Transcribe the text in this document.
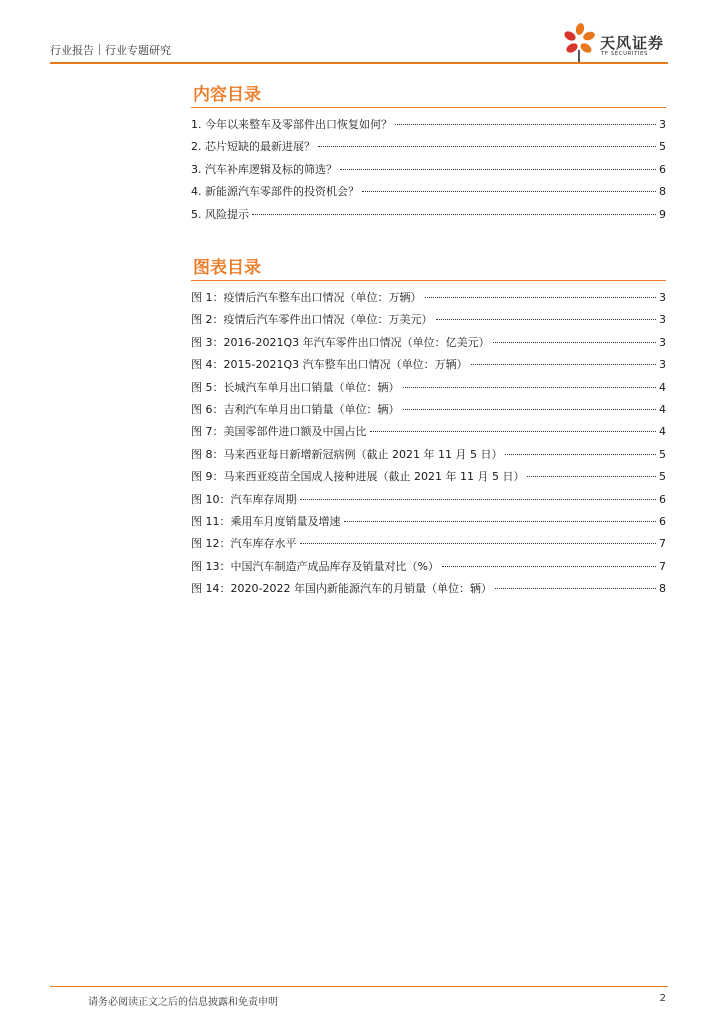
行业报告 行业专题研究	天风证券
TF SECURITIES
内容目录
1. 今年以来整车及零部件出口恢复如何？	3
2. 芯片短缺的最新进展？	5
3. 汽车补库逻辑及标的筛选？	6
4. 新能源汽车零部件的投资机会？	8
5. 风险提示	9
图表目录
图 1：疫情后汽车整车出口情况（单位：万辆）	3
图 2：疫情后汽车零件出口情况（单位：万美元）	3
图 3：2016-2021Q3 年汽车零件出口情况（单位：亿美元）	3
图 4：2015-2021Q3 汽车整车出口情况（单位：万辆）	3
图 5：长城汽车单月出口销量（单位：辆）	4
图 6：吉利汽车单月出口销量（单位：辆）	4
图 7：美国零部件进口额及中国占比	4
图 8：马来西亚每日新增新冠病例（截止 2021 年 11 月 5 日）	5
图 9：马来西亚疫苗全国成人接种进展（截止 2021 年 11 月 5 日）	5
图 10：汽车库存周期	6
图 11：乘用车月度销量及增速	6
图 12：汽车库存水平	7
图 13：中国汽车制造产成品库存及销量对比（%）	7
图 14：2020-2022 年国内新能源汽车的月销量（单位：辆）	8
请务必阅读正文之后的信息披露和免责申明	2
